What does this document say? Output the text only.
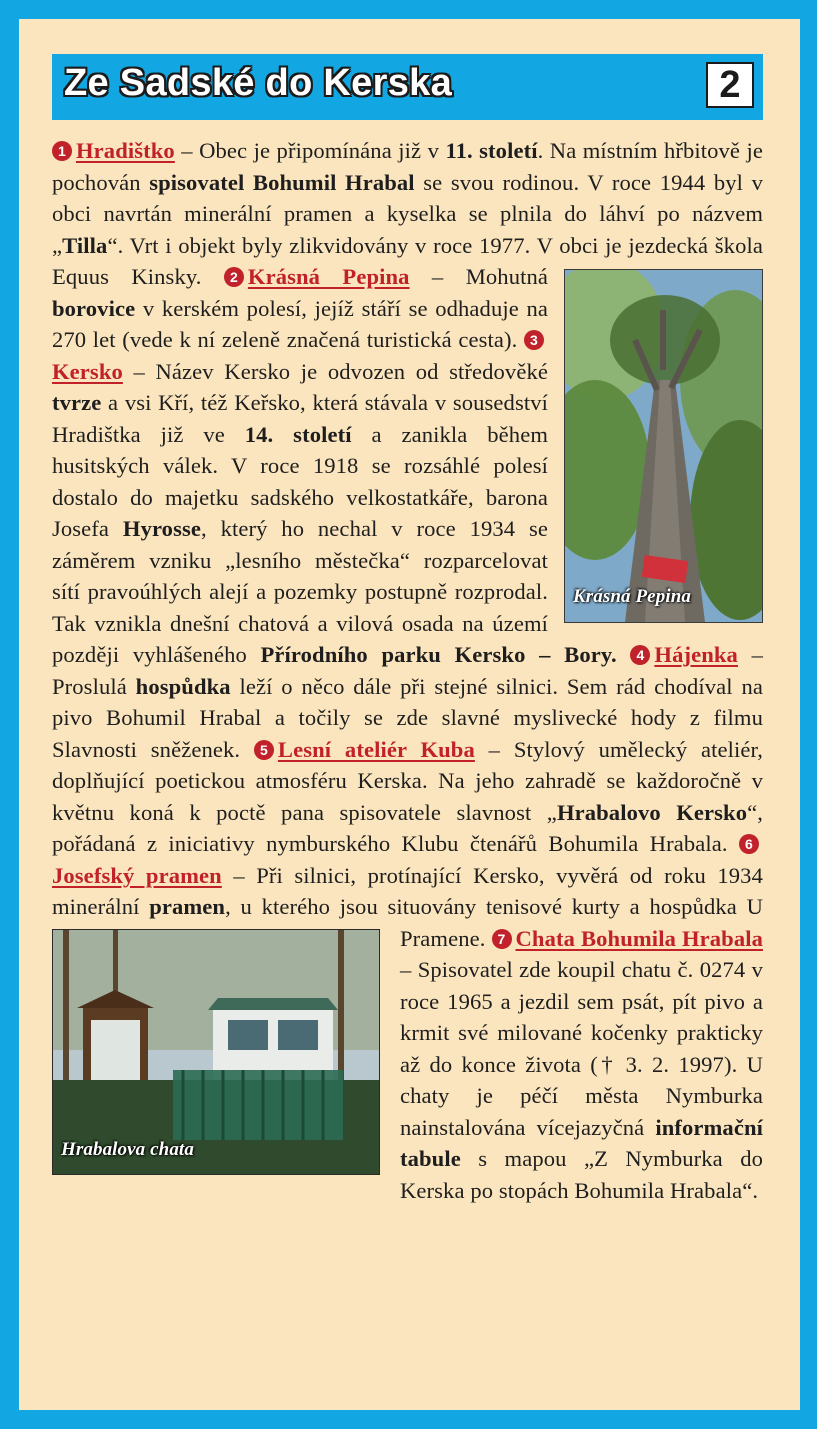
Ze Sadské do Kerska	2
1 Hradištko – Obec je připomínána již v 11. století. Na místním hřbitově je pochován spisovatel Bohumil Hrabal se svou rodinou. V roce 1944 byl v obci navrtán minerální pramen a kyselka se plnila do láhví po názvem „Tilla“. Vrt i objekt byly zlikvidovány v roce 1977. V obci je jezdecká škola Equus Kinsky.
Krásná Pepina
2 Krásná Pepina – Mohutná borovice v kerském polesí, jejíž stáří se odhaduje na 270 let (vede k ní zeleně značená turistická cesta). 3Kersko – Název Kersko je odvozen od středověké tvrze a vsi Kří, též Keřsko, která stávala v sousedství Hradištka již ve 14. století a zanikla během husitských válek. V roce 1918 se rozsáhlé polesí dostalo do majetku sadského velkostatkáře, barona Josefa Hyrosse, který ho nechal v roce 1934 se záměrem vzniku „lesního městečka“ rozparcelovat sítí pravoúhlých alejí a pozemky postupně rozprodal. Tak vznikla dnešní chatová a vilová osada na území později vyhlášeného Přírodního parku Kersko – Bory. 4 Hájenka – Proslulá hospůdka leží o něco dále při stejné silnici. Sem rád chodíval na pivo Bohumil Hrabal a točily se zde slavné myslivecké hody z filmu Slavnosti sněženek. 5 Lesní ateliér Kuba – Stylový umělecký ateliér, doplňující poetickou atmosféru Kerska. Na jeho zahradě se každoročně v květnu koná k poctě pana spisovatele slavnost „Hrabalovo Kersko“, pořádaná z iniciativy nymburského Klubu čtenářů Bohumila Hrabala. 6Josefský pramen – Při silnici, protínající Kersko, vyvěrá od roku 1934 minerální pramen, u kterého jsou situovány tenisové kurty a hospůdka U Pramene. 7 Chata Bohumila Hrabala
Hrabalova chata
– Spisovatel zde koupil chatu č. 0274 v roce 1965 a jezdil sem psát, pít pivo a krmit své milované kočenky prakticky až do konce života († 3. 2. 1997). U chaty je péčí města Nymburka nainstalována vícejazyčná informační tabule s mapou „Z Nymburka do Kerska po stopách Bohumila Hrabala“.
